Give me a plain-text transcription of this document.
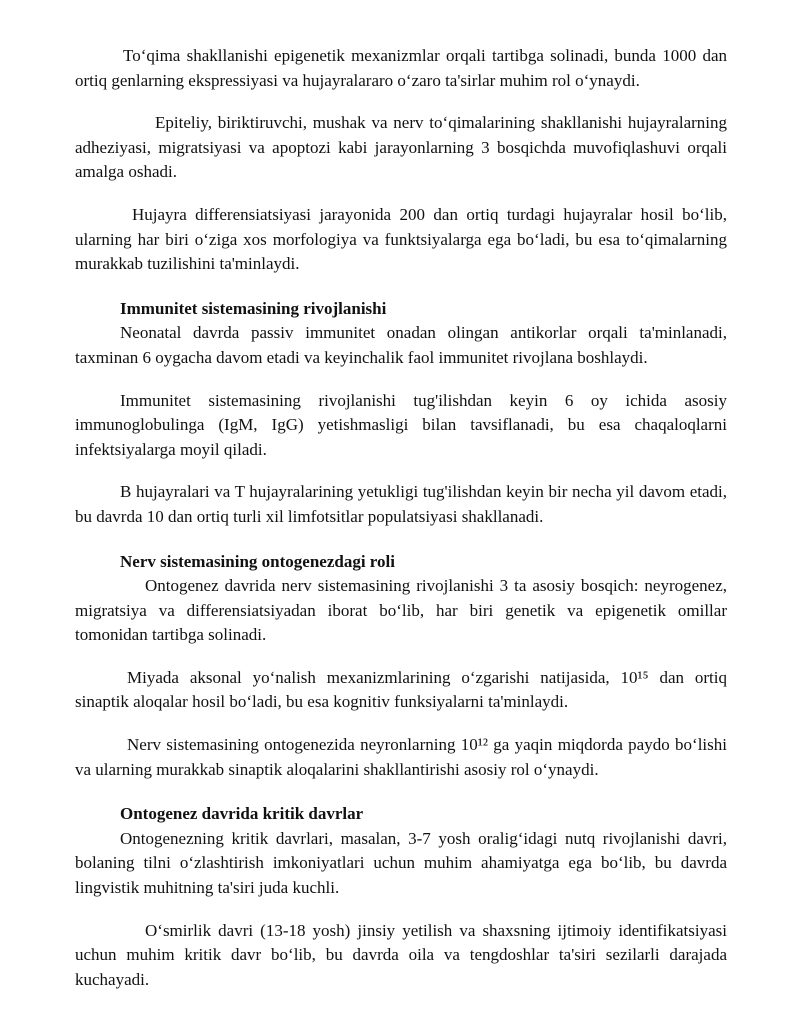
To‘qima shakllanishi epigenetik mexanizmlar orqali tartibga solinadi, bunda 1000 dan ortiq genlarning ekspressiyasi va hujayralararo o‘zaro ta'sirlar muhim rol o‘ynaydi.

Epiteliy, biriktiruvchi, mushak va nerv to‘qimalarining shakllanishi hujayralarning adheziyasi, migratsiyasi va apoptozi kabi jarayonlarning 3 bosqichda muvofiqlashuvi orqali amalga oshadi.

Hujayra differensiatsiyasi jarayonida 200 dan ortiq turdagi hujayralar hosil bo‘lib, ularning har biri o‘ziga xos morfologiya va funktsiyalarga ega bo‘ladi, bu esa to‘qimalarning murakkab tuzilishini ta'minlaydi.

Immunitet sistemasining rivojlanishi

Neonatal davrda passiv immunitet onadan olingan antikorlar orqali ta'minlanadi, taxminan 6 oygacha davom etadi va keyinchalik faol immunitet rivojlana boshlaydi.

Immunitet sistemasining rivojlanishi tug'ilishdan keyin 6 oy ichida asosiy immunoglobulinga (IgM, IgG) yetishmasligi bilan tavsiflanadi, bu esa chaqaloqlarni infektsiyalarga moyil qiladi.

B hujayralari va T hujayralarining yetukligi tug'ilishdan keyin bir necha yil davom etadi, bu davrda 10 dan ortiq turli xil limfotsitlar populatsiyasi shakllanadi.

Nerv sistemasining ontogenezdagi roli

Ontogenez davrida nerv sistemasining rivojlanishi 3 ta asosiy bosqich: neyrogenez, migratsiya va differensiatsiyadan iborat bo‘lib, har biri genetik va epigenetik omillar tomonidan tartibga solinadi.

Miyada aksonal yo‘nalish mexanizmlarining o‘zgarishi natijasida, 10¹⁵ dan ortiq sinaptik aloqalar hosil bo‘ladi, bu esa kognitiv funksiyalarni ta'minlaydi.

Nerv sistemasining ontogenezida neyronlarning 10¹² ga yaqin miqdorda paydo bo‘lishi va ularning murakkab sinaptik aloqalarini shakllantirishi asosiy rol o‘ynaydi.

Ontogenez davrida kritik davrlar

Ontogenezning kritik davrlari, masalan, 3-7 yosh oralig‘idagi nutq rivojlanishi davri, bolaning tilni o‘zlashtirish imkoniyatlari uchun muhim ahamiyatga ega bo‘lib, bu davrda lingvistik muhitning ta'siri juda kuchli.

O‘smirlik davri (13-18 yosh) jinsiy yetilish va shaxsning ijtimoiy identifikatsiyasi uchun muhim kritik davr bo‘lib, bu davrda oila va tengdoshlar ta'siri sezilarli darajada kuchayadi.
